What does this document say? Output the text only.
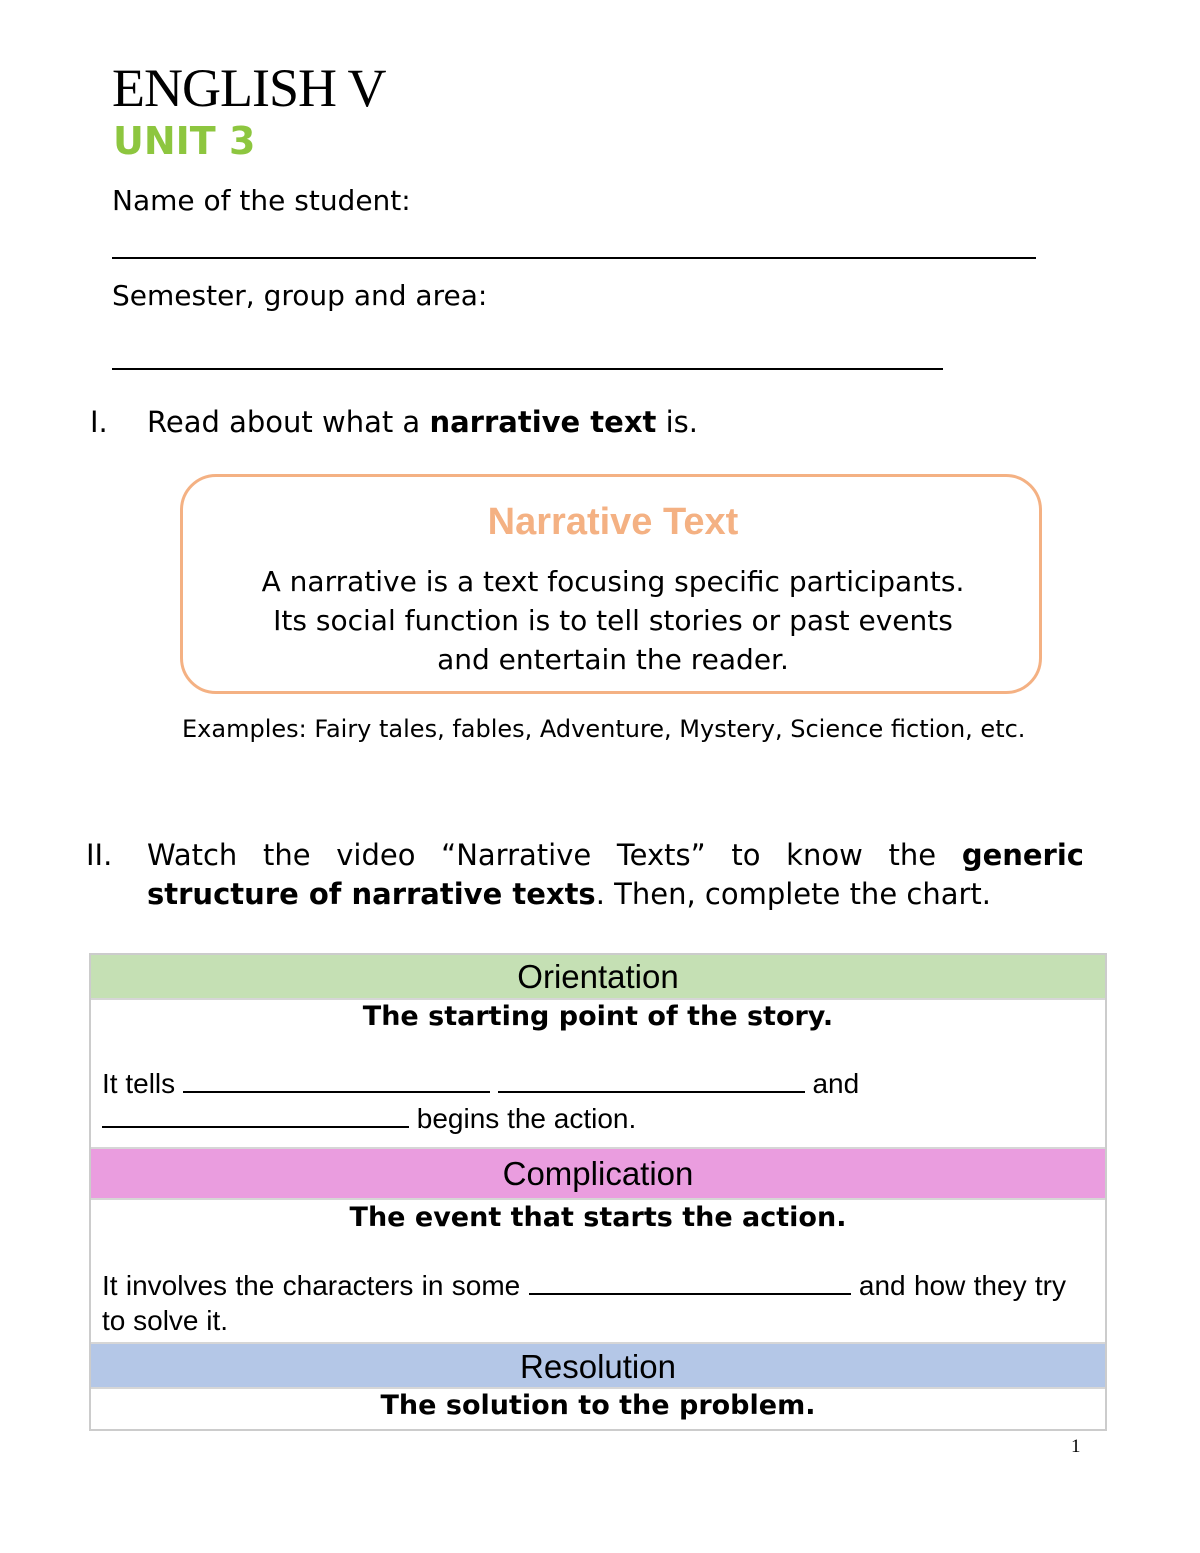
ENGLISH V
UNIT 3
Name of the student:
Semester, group and area:
I. Read about what a narrative text is.
Narrative Text
A narrative is a text focusing specific participants.
Its social function is to tell stories or past events
and entertain the reader.
Examples: Fairy tales, fables, Adventure, Mystery, Science fiction, etc.
II. Watch the video “Narrative Texts” to know the generic structure of narrative texts. Then, complete the chart.
Orientation
The starting point of the story.
It tells	and
begins the action.
Complication
The event that starts the action.
It involves the characters in some	and how they try to solve it.
Resolution
The solution to the problem.
1
